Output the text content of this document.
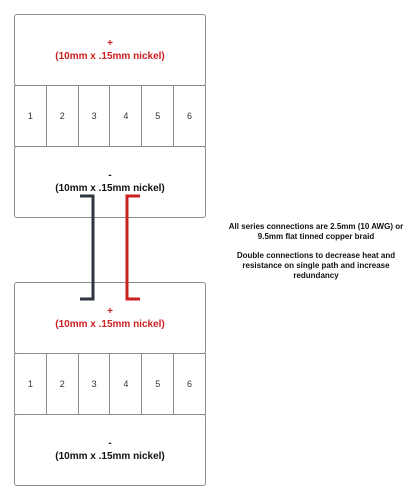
+
(10mm x .15mm nickel)
1	2	3	4	5	6
-
(10mm x .15mm nickel)
+
(10mm x .15mm nickel)
1	2	3	4	5	6
-
(10mm x .15mm nickel)
All series connections are 2.5mm (10 AWG) or 9.5mm flat tinned copper braid
Double connections to decrease heat and resistance on single path and increase redundancy
